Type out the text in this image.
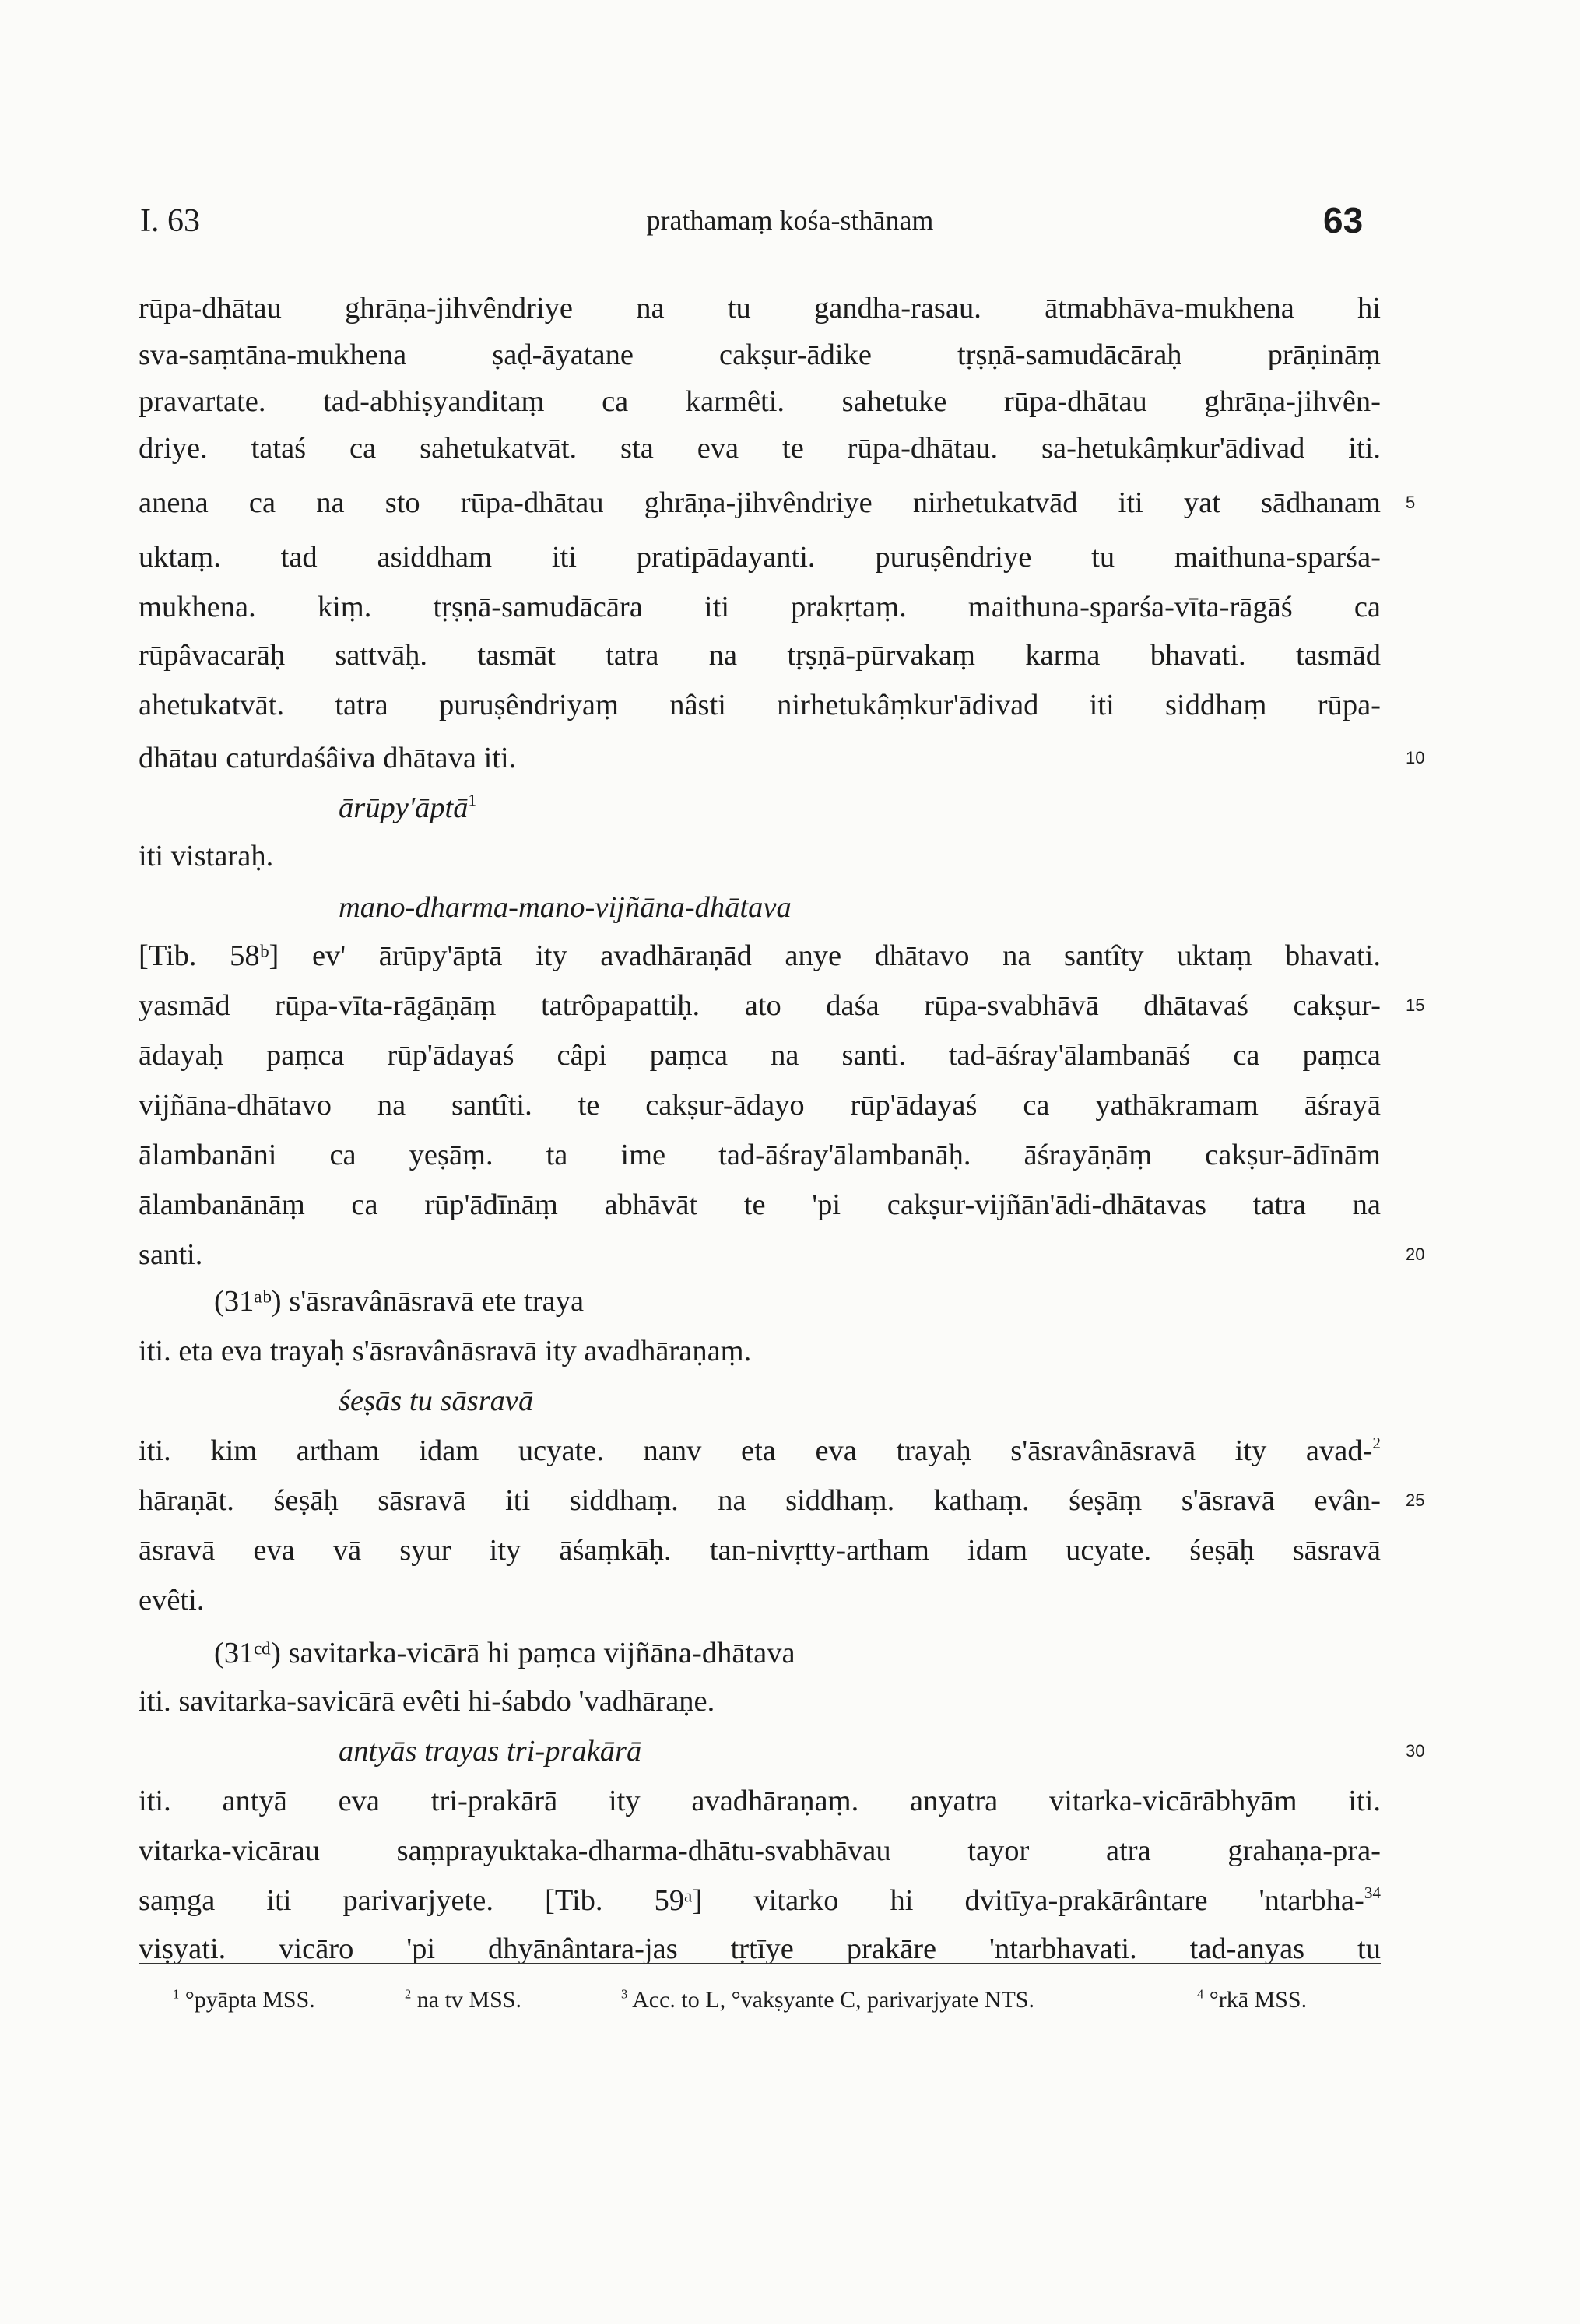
I. 63	prathamaṃ kośa-sthānam	63
rūpa-dhātau ghrāṇa-jihvêndriye na tu gandha-rasau. ātmabhāva-mukhena hi
sva-saṃtāna-mukhena ṣaḍ-āyatane cakṣur-ādike tṛṣṇā-samudācāraḥ prāṇināṃ
pravartate. tad-abhiṣyanditaṃ ca karmêti. sahetuke rūpa-dhātau ghrāṇa-jihvên-
driye. tataś ca sahetukatvāt. sta eva te rūpa-dhātau. sa-hetukâṃkur'ādivad iti.
anena ca na sto rūpa-dhātau ghrāṇa-jihvêndriye nirhetukatvād iti yat sādhanam
uktaṃ. tad asiddham iti pratipādayanti. puruṣêndriye tu maithuna-sparśa-
mukhena. kiṃ. tṛṣṇā-samudācāra iti prakṛtaṃ. maithuna-sparśa-vīta-rāgāś ca
rūpâvacarāḥ sattvāḥ. tasmāt tatra na tṛṣṇā-pūrvakaṃ karma bhavati. tasmād
ahetukatvāt. tatra puruṣêndriyaṃ nâsti nirhetukâṃkur'ādivad iti siddhaṃ rūpa-
dhātau caturdaśâiva dhātava iti.
ārūpy'āptā$^1$
iti vistaraḥ.
mano-dharma-mano-vijñāna-dhātava
[Tib. 58ᵇ] ev' ārūpy'āptā ity avadhāraṇād anye dhātavo na santîty uktaṃ bhavati.
yasmād rūpa-vīta-rāgāṇāṃ tatrôpapattiḥ. ato daśa rūpa-svabhāvā dhātavaś cakṣur-
ādayaḥ paṃca rūp'ādayaś câpi paṃca na santi. tad-āśray'ālambanāś ca paṃca
vijñāna-dhātavo na santîti. te cakṣur-ādayo rūp'ādayaś ca yathākramam āśrayā
ālambanāni ca yeṣāṃ. ta ime tad-āśray'ālambanāḥ. āśrayāṇāṃ cakṣur-ādīnām
ālambanānāṃ ca rūp'ādīnāṃ abhāvāt te 'pi cakṣur-vijñān'ādi-dhātavas tatra na
santi.
(31ᵃᵇ) s'āsravânāsravā ete traya
iti. eta eva trayaḥ s'āsravânāsravā ity avadhāraṇaṃ.
śeṣās tu sāsravā
iti. kim artham idam ucyate. nanv eta eva trayaḥ s'āsravânāsravā ity avad-$^2$
hāraṇāt. śeṣāḥ sāsravā iti siddhaṃ. na siddhaṃ. kathaṃ. śeṣāṃ s'āsravā evân-
āsravā eva vā syur ity āśaṃkāḥ. tan-nivṛtty-artham idam ucyate. śeṣāḥ sāsravā
evêti.
(31ᶜᵈ) savitarka-vicārā hi paṃca vijñāna-dhātava
iti. savitarka-savicārā evêti hi-śabdo 'vadhāraṇe.
antyās trayas tri-prakārā
iti. antyā eva tri-prakārā ity avadhāraṇaṃ. anyatra vitarka-vicārābhyām iti.
vitarka-vicārau saṃprayuktaka-dharma-dhātu-svabhāvau tayor atra grahaṇa-pra-
saṃga iti parivarjyete. [Tib. 59ᵃ] vitarko hi dvitīya-prakārântare 'ntarbha-$^{34}$
viṣyati. vicāro 'pi dhyānântara-jas tṛtīye prakāre 'ntarbhavati. tad-anyas tu
5
10
15
20
25
30
$^1$ °pyāpta MSS.	$^2$ na tv MSS.	$^3$ Acc. to L, °vakṣyante C, parivarjyate NTS.	$^4$ °rkā MSS.
